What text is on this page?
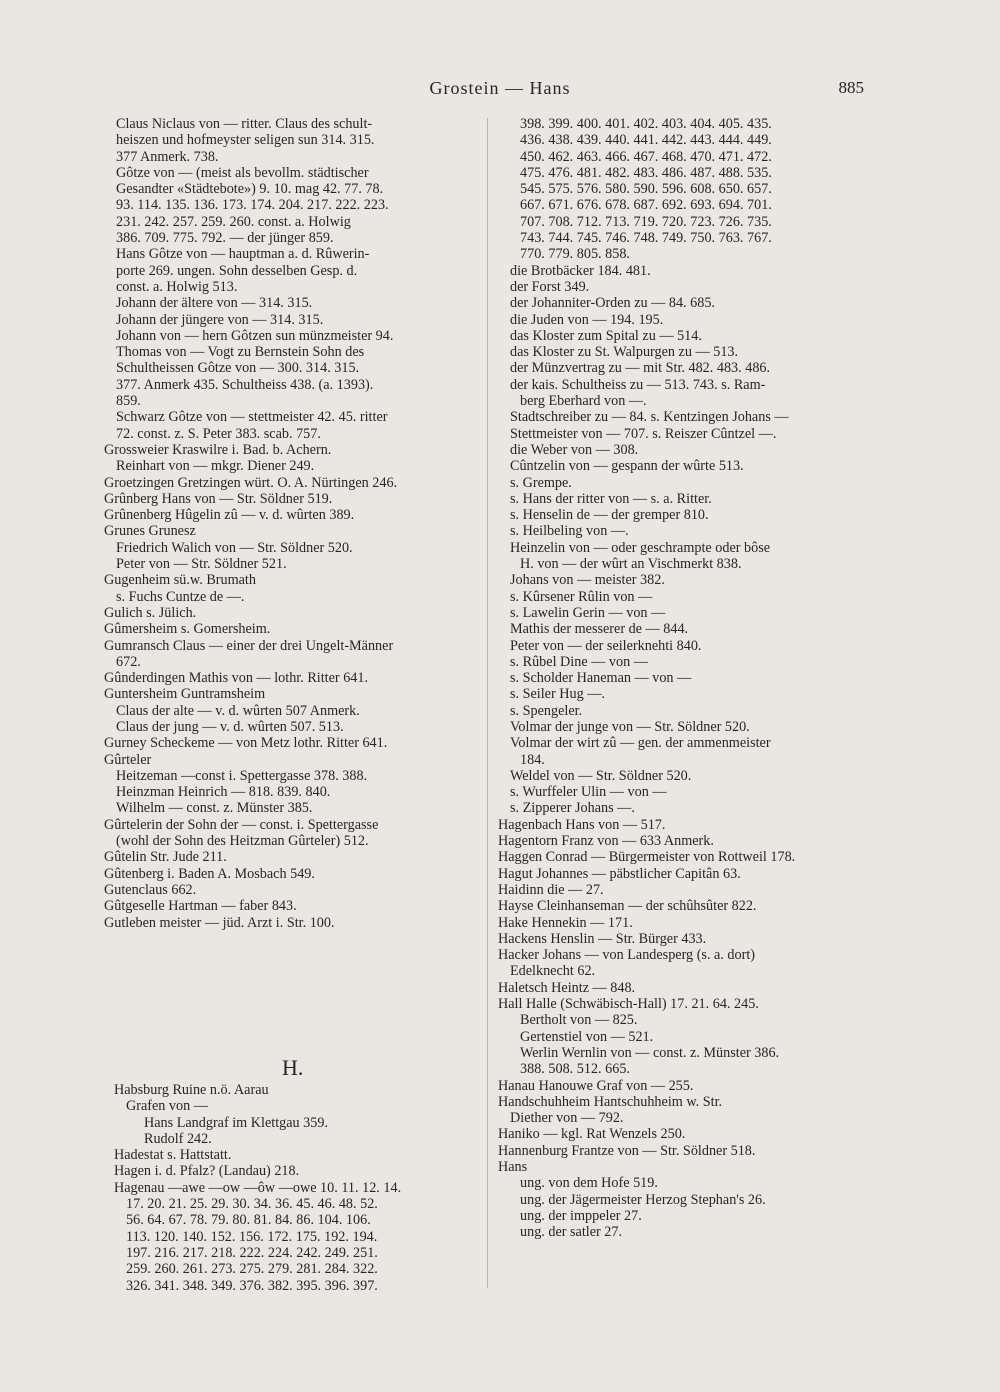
Grostein — Hans	885
Claus Niclaus von — ritter. Claus des schult-
heiszen und hofmeyster seligen sun 314. 315.
377 Anmerk. 738.
Gôtze von — (meist als bevollm. städtischer
Gesandter «Städtebote») 9. 10. mag 42. 77. 78.
93. 114. 135. 136. 173. 174. 204. 217. 222. 223.
231. 242. 257. 259. 260. const. a. Holwig
386. 709. 775. 792. — der jünger 859.
Hans Gôtze von — hauptman a. d. Rûwerin-
porte 269. ungen. Sohn desselben Gesp. d.
const. a. Holwig 513.
Johann der ältere von — 314. 315.
Johann der jüngere von — 314. 315.
Johann von — hern Gôtzen sun münzmeister 94.
Thomas von — Vogt zu Bernstein Sohn des
Schultheissen Gôtze von — 300. 314. 315.
377. Anmerk 435. Schultheiss 438. (a. 1393).
859.
Schwarz Gôtze von — stettmeister 42. 45. ritter
72. const. z. S. Peter 383. scab. 757.
Grossweier Kraswilre i. Bad. b. Achern.
Reinhart von — mkgr. Diener 249.
Groetzingen Gretzingen würt. O. A. Nürtingen 246.
Grûnberg Hans von — Str. Söldner 519.
Grûnenberg Hûgelin zû — v. d. wûrten 389.
Grunes Grunesz
Friedrich Walich von — Str. Söldner 520.
Peter von — Str. Söldner 521.
Gugenheim sü.w. Brumath
s. Fuchs Cuntze de —.
Gulich s. Jülich.
Gûmersheim s. Gomersheim.
Gumransch Claus — einer der drei Ungelt-Männer
672.
Gûnderdingen Mathis von — lothr. Ritter 641.
Guntersheim Guntramsheim
Claus der alte — v. d. wûrten 507 Anmerk.
Claus der jung — v. d. wûrten 507. 513.
Gurney Scheckeme — von Metz lothr. Ritter 641.
Gûrteler
Heitzeman —const i. Spettergasse 378. 388.
Heinzman Heinrich — 818. 839. 840.
Wilhelm — const. z. Münster 385.
Gûrtelerin der Sohn der — const. i. Spettergasse
(wohl der Sohn des Heitzman Gûrteler) 512.
Gûtelin Str. Jude 211.
Gûtenberg i. Baden A. Mosbach 549.
Gutenclaus 662.
Gûtgeselle Hartman — faber 843.
Gutleben meister — jüd. Arzt i. Str. 100.
H.
Habsburg Ruine n.ö. Aarau
Grafen von —
Hans Landgraf im Klettgau 359.
Rudolf 242.
Hadestat s. Hattstatt.
Hagen i. d. Pfalz? (Landau) 218.
Hagenau —awe —ow —ôw —owe 10. 11. 12. 14.
17. 20. 21. 25. 29. 30. 34. 36. 45. 46. 48. 52.
56. 64. 67. 78. 79. 80. 81. 84. 86. 104. 106.
113. 120. 140. 152. 156. 172. 175. 192. 194.
197. 216. 217. 218. 222. 224. 242. 249. 251.
259. 260. 261. 273. 275. 279. 281. 284. 322.
326. 341. 348. 349. 376. 382. 395. 396. 397.
398. 399. 400. 401. 402. 403. 404. 405. 435.
436. 438. 439. 440. 441. 442. 443. 444. 449.
450. 462. 463. 466. 467. 468. 470. 471. 472.
475. 476. 481. 482. 483. 486. 487. 488. 535.
545. 575. 576. 580. 590. 596. 608. 650. 657.
667. 671. 676. 678. 687. 692. 693. 694. 701.
707. 708. 712. 713. 719. 720. 723. 726. 735.
743. 744. 745. 746. 748. 749. 750. 763. 767.
770. 779. 805. 858.
die Brotbäcker 184. 481.
der Forst 349.
der Johanniter-Orden zu — 84. 685.
die Juden von — 194. 195.
das Kloster zum Spital zu — 514.
das Kloster zu St. Walpurgen zu — 513.
der Münzvertrag zu — mit Str. 482. 483. 486.
der kais. Schultheiss zu — 513. 743. s. Ram-
berg Eberhard von —.
Stadtschreiber zu — 84. s. Kentzingen Johans —
Stettmeister von — 707. s. Reiszer Cûntzel —.
die Weber von — 308.
Cûntzelin von — gespann der wûrte 513.
s. Grempe.
s. Hans der ritter von — s. a. Ritter.
s. Henselin de — der gremper 810.
s. Heilbeling von —.
Heinzelin von — oder geschrampte oder bôse
H. von — der wûrt an Vischmerkt 838.
Johans von — meister 382.
s. Kûrsener Rûlin von —
s. Lawelin Gerin — von —
Mathis der messerer de — 844.
Peter von — der seilerknehti 840.
s. Rûbel Dine — von —
s. Scholder Haneman — von —
s. Seiler Hug —.
s. Spengeler.
Volmar der junge von — Str. Söldner 520.
Volmar der wirt zû — gen. der ammenmeister
184.
Weldel von — Str. Söldner 520.
s. Wurffeler Ulin — von —
s. Zipperer Johans —.
Hagenbach Hans von — 517.
Hagentorn Franz von — 633 Anmerk.
Haggen Conrad — Bürgermeister von Rottweil 178.
Hagut Johannes — päbstlicher Capitân 63.
Haidinn die — 27.
Hayse Cleinhanseman — der schûhsûter 822.
Hake Hennekin — 171.
Hackens Henslin — Str. Bürger 433.
Hacker Johans — von Landesperg (s. a. dort)
Edelknecht 62.
Haletsch Heintz — 848.
Hall Halle (Schwäbisch-Hall) 17. 21. 64. 245.
Bertholt von — 825.
Gertenstiel von — 521.
Werlin Wernlin von — const. z. Münster 386.
388. 508. 512. 665.
Hanau Hanouwe Graf von — 255.
Handschuhheim Hantschuhheim w. Str.
Diether von — 792.
Haniko — kgl. Rat Wenzels 250.
Hannenburg Frantze von — Str. Söldner 518.
Hans
ung. von dem Hofe 519.
ung. der Jägermeister Herzog Stephan's 26.
ung. der imppeler 27.
ung. der satler 27.
